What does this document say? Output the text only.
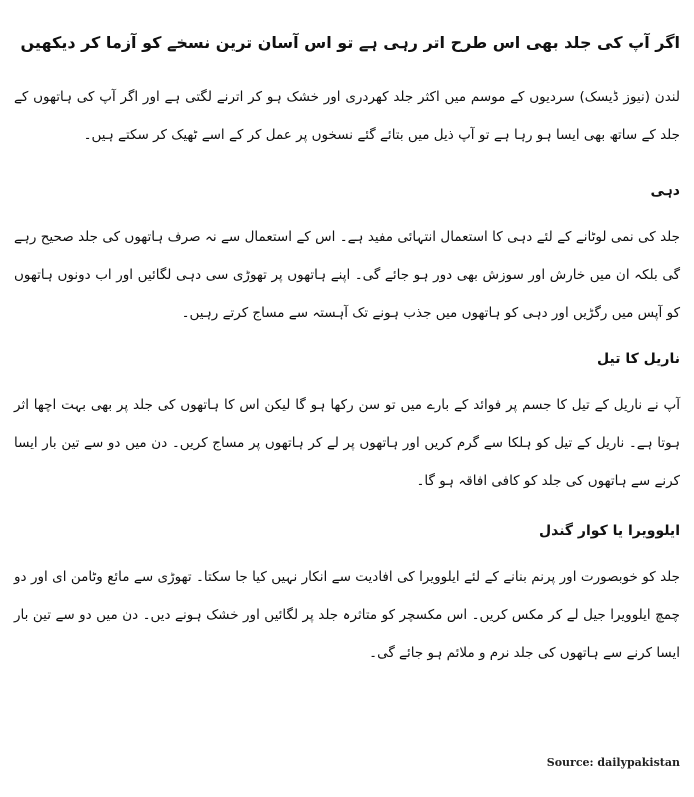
اگر آپ کی جلد بھی اس طرح اتر رہی ہے تو اس آسان ترین نسخے کو آزما کر دیکھیں

لندن (نیوز ڈیسک) سردیوں کے موسم میں اکثر جلد کھردری اور خشک ہو کر اترنے لگتی ہے اور اگر آپ کی ہاتھوں کے جلد کے ساتھ بھی ایسا ہو رہا ہے تو آپ ذیل میں بتائے گئے نسخوں پر عمل کر کے اسے ٹھیک کر سکتے ہیں۔

دہی

جلد کی نمی لوٹانے کے لئے دہی کا استعمال انتہائی مفید ہے۔ اس کے استعمال سے نہ صرف ہاتھوں کی جلد صحیح رہے گی بلکہ ان میں خارش اور سوزش بھی دور ہو جائے گی۔ اپنے ہاتھوں پر تھوڑی سی دہی لگائیں اور اب دونوں ہاتھوں کو آپس میں رگڑیں اور دہی کو ہاتھوں میں جذب ہونے تک آہستہ سے مساج کرتے رہیں۔

ناریل کا تیل

آپ نے ناریل کے تیل کا جسم پر فوائد کے بارے میں تو سن رکھا ہو گا لیکن اس کا ہاتھوں کی جلد پر بھی بہت اچھا اثر ہوتا ہے۔ ناریل کے تیل کو ہلکا سے گرم کریں اور ہاتھوں پر لے کر ہاتھوں پر مساج کریں۔ دن میں دو سے تین بار ایسا کرنے سے ہاتھوں کی جلد کو کافی افاقہ ہو گا۔

ایلوویرا یا کوار گندل

جلد کو خوبصورت اور پرنم بنانے کے لئے ایلوویرا کی افادیت سے انکار نہیں کیا جا سکتا۔ تھوڑی سے مائع وٹامن ای اور دو چمچ ایلوویرا جیل لے کر مکس کریں۔ اس مکسچر کو متاثرہ جلد پر لگائیں اور خشک ہونے دیں۔ دن میں دو سے تین بار ایسا کرنے سے ہاتھوں کی جلد نرم و ملائم ہو جائے گی۔

Source: dailypakistan
